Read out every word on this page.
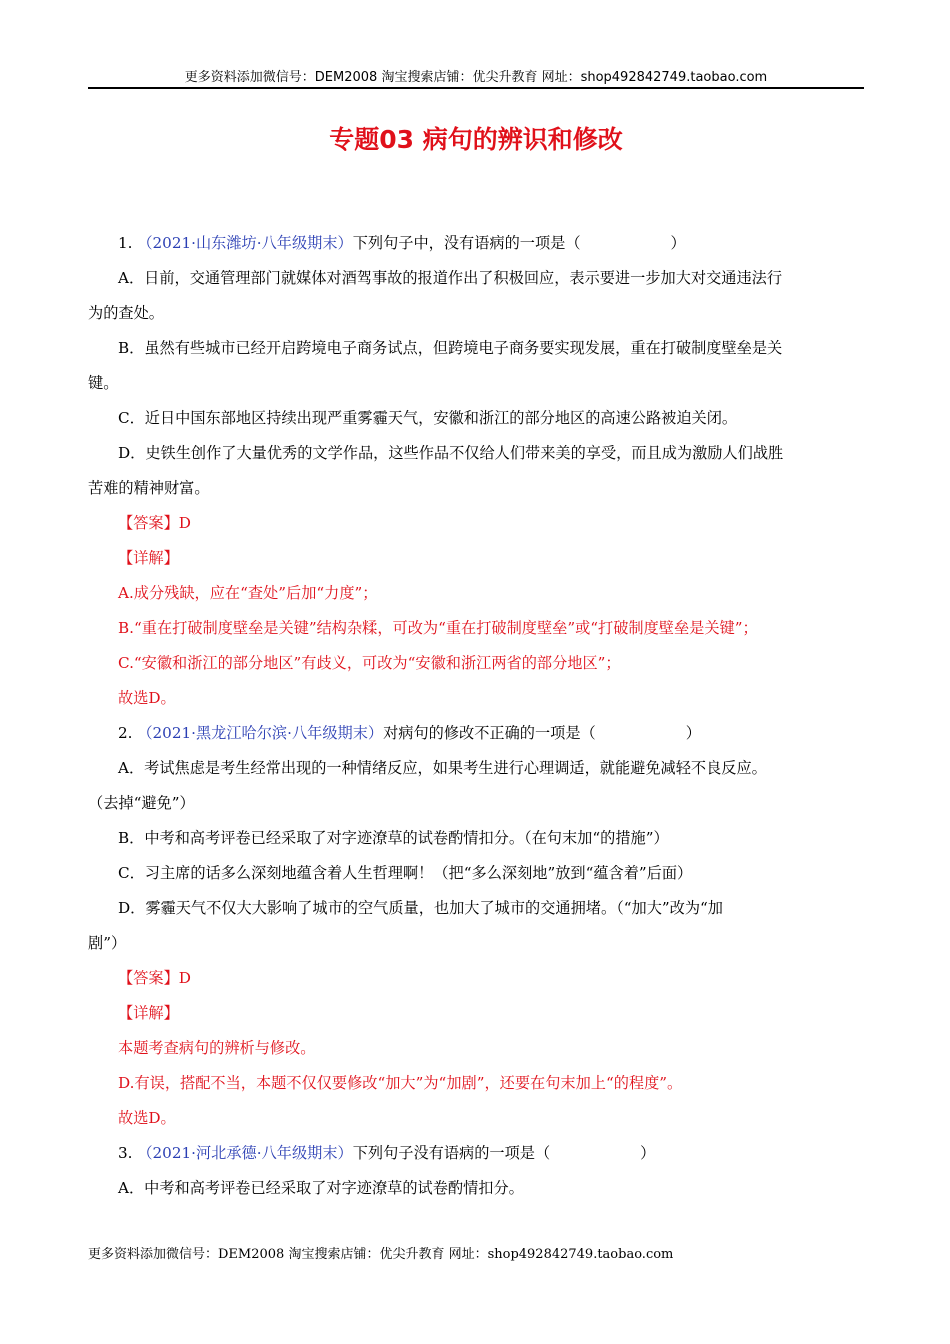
更多资料添加微信号：DEM2008 淘宝搜索店铺：优尖升教育 网址：shop492842749.taobao.com
专题03 病句的辨识和修改

1. （2021·山东潍坊·八年级期末）下列句子中，没有语病的一项是（	）

A．日前，交通管理部门就媒体对酒驾事故的报道作出了积极回应，表示要进一步加大对交通违法行

为的查处。

B．虽然有些城市已经开启跨境电子商务试点，但跨境电子商务要实现发展，重在打破制度壁垒是关

键。

C．近日中国东部地区持续出现严重雾霾天气，安徽和浙江的部分地区的高速公路被迫关闭。

D．史铁生创作了大量优秀的文学作品，这些作品不仅给人们带来美的享受，而且成为激励人们战胜

苦难的精神财富。

【答案】D

【详解】

A.成分残缺，应在“查处”后加“力度”；

B.“重在打破制度壁垒是关键”结构杂糅，可改为“重在打破制度壁垒”或“打破制度壁垒是关键”；

C.“安徽和浙江的部分地区”有歧义，可改为“安徽和浙江两省的部分地区”；

故选D。

2. （2021·黑龙江哈尔滨·八年级期末）对病句的修改不正确的一项是（	）

A．考试焦虑是考生经常出现的一种情绪反应，如果考生进行心理调适，就能避免减轻不良反应。

（去掉“避免”）

B．中考和高考评卷已经采取了对字迹潦草的试卷酌情扣分。（在句末加“的措施”）

C．习主席的话多么深刻地蕴含着人生哲理啊！（把“多么深刻地”放到“蕴含着”后面）

D．雾霾天气不仅大大影响了城市的空气质量，也加大了城市的交通拥堵。（“加大”改为“加

剧”）

【答案】D

【详解】

本题考查病句的辨析与修改。

D.有误，搭配不当，本题不仅仅要修改“加大”为“加剧”，还要在句末加上“的程度”。

故选D。

3. （2021·河北承德·八年级期末）下列句子没有语病的一项是（	）

A．中考和高考评卷已经采取了对字迹潦草的试卷酌情扣分。

更多资料添加微信号：DEM2008 淘宝搜索店铺：优尖升教育 网址：shop492842749.taobao.com
